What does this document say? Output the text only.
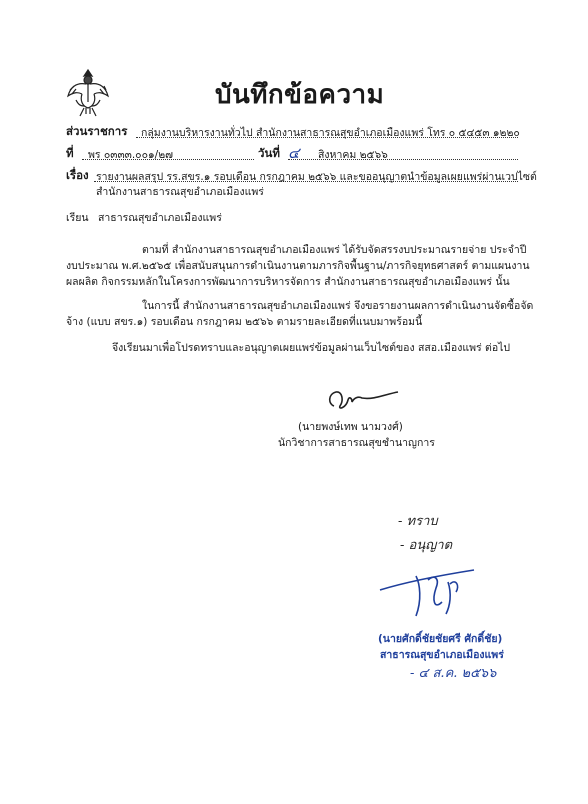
บันทึกข้อความ
ส่วนราชการ กลุ่มงานบริหารงานทั่วไป สำนักงานสาธารณสุขอำเภอเมืองแพร่ โทร ๐ ๕๔๕๓ ๑๒๒๐
ที่ พร ๐๓๓๓.๐๐๑/๒๗	วันที่ ๔ สิงหาคม ๒๕๖๖
เรื่อง รายงานผลสรุป รร.สขร.๑ รอบเดือน กรกฎาคม ๒๕๖๖ และขออนุญาตนำข้อมูลเผยแพร่ผ่านเวปไซต์
สำนักงานสาธารณสุขอำเภอเมืองแพร่
เรียน สาธารณสุขอำเภอเมืองแพร่
ตามที่ สำนักงานสาธารณสุขอำเภอเมืองแพร่ ได้รับจัดสรรงบประมาณรายจ่าย ประจำปี
งบประมาณ พ.ศ.๒๕๖๕ เพื่อสนับสนุนการดำเนินงานตามภารกิจพื้นฐาน/ภารกิจยุทธศาสตร์ ตามแผนงาน
ผลผลิต กิจกรรมหลักในโครงการพัฒนาการบริหารจัดการ สำนักงานสาธารณสุขอำเภอเมืองแพร่ นั้น
ในการนี้ สำนักงานสาธารณสุขอำเภอเมืองแพร่ จึงขอรายงานผลการดำเนินงานจัดซื้อจัด
จ้าง (แบบ สขร.๑) รอบเดือน กรกฎาคม ๒๕๖๖ ตามรายละเอียดที่แนบมาพร้อมนี้
จึงเรียนมาเพื่อโปรดทราบและอนุญาตเผยแพร่ข้อมูลผ่านเว็บไซต์ของ สสอ.เมืองแพร่ ต่อไป
(นายพงษ์เทพ นามวงศ์)
นักวิชาการสาธารณสุขชำนาญการ
- ทราบ
- อนุญาต
(นายศักดิ์ชัยชัยศรี ศักดิ์ชัย)
สาธารณสุขอำเภอเมืองแพร่
- ๔ ส.ค. ๒๕๖๖
